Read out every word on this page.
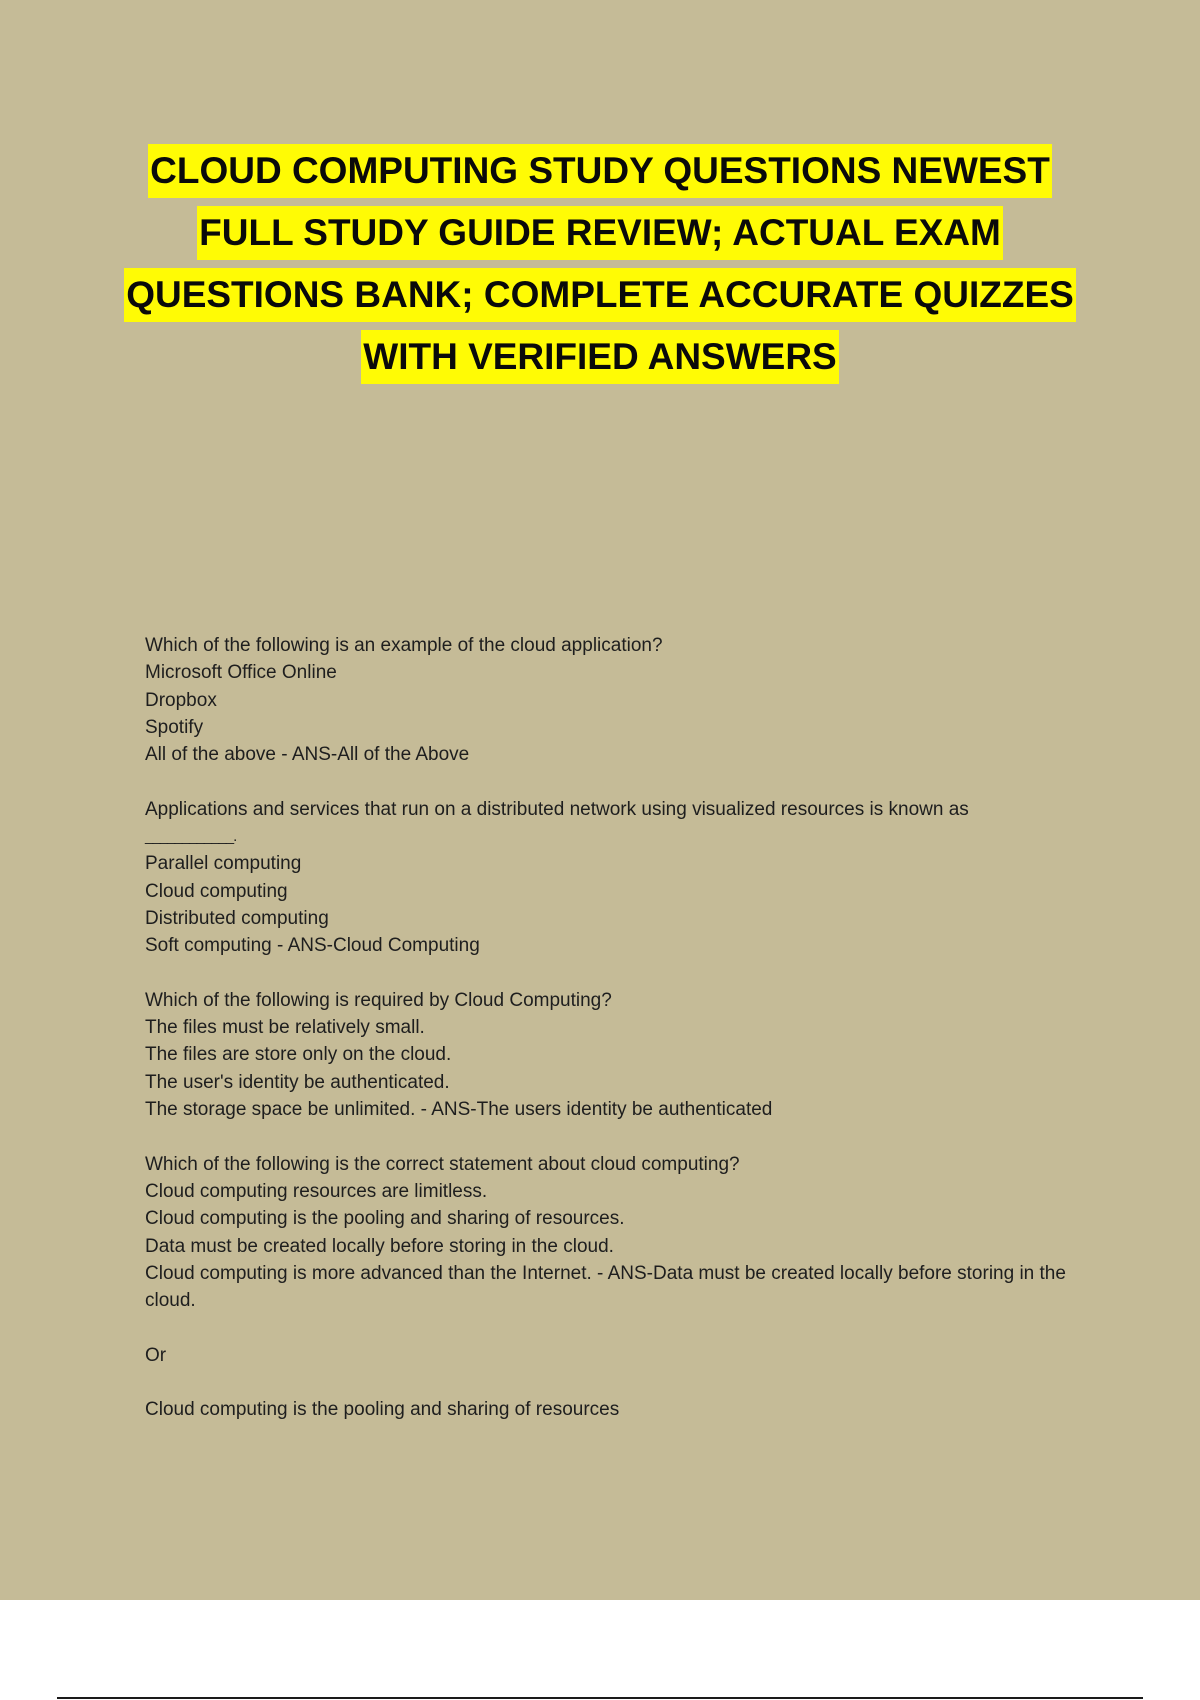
CLOUD COMPUTING STUDY QUESTIONS NEWEST
FULL STUDY GUIDE REVIEW; ACTUAL EXAM
QUESTIONS BANK; COMPLETE ACCURATE QUIZZES
WITH VERIFIED ANSWERS
Which of the following is an example of the cloud application?
Microsoft Office Online
Dropbox
Spotify
All of the above - ANS-All of the Above
Applications and services that run on a distributed network using visualized resources is known as
____________.
Parallel computing
Cloud computing
Distributed computing
Soft computing - ANS-Cloud Computing
Which of the following is required by Cloud Computing?
The files must be relatively small.
The files are store only on the cloud.
The user's identity be authenticated.
The storage space be unlimited. - ANS-The users identity be authenticated
Which of the following is the correct statement about cloud computing?
Cloud computing resources are limitless.
Cloud computing is the pooling and sharing of resources.
Data must be created locally before storing in the cloud.
Cloud computing is more advanced than the Internet. - ANS-Data must be created locally before storing in the cloud.
Or
Cloud computing is the pooling and sharing of resources
